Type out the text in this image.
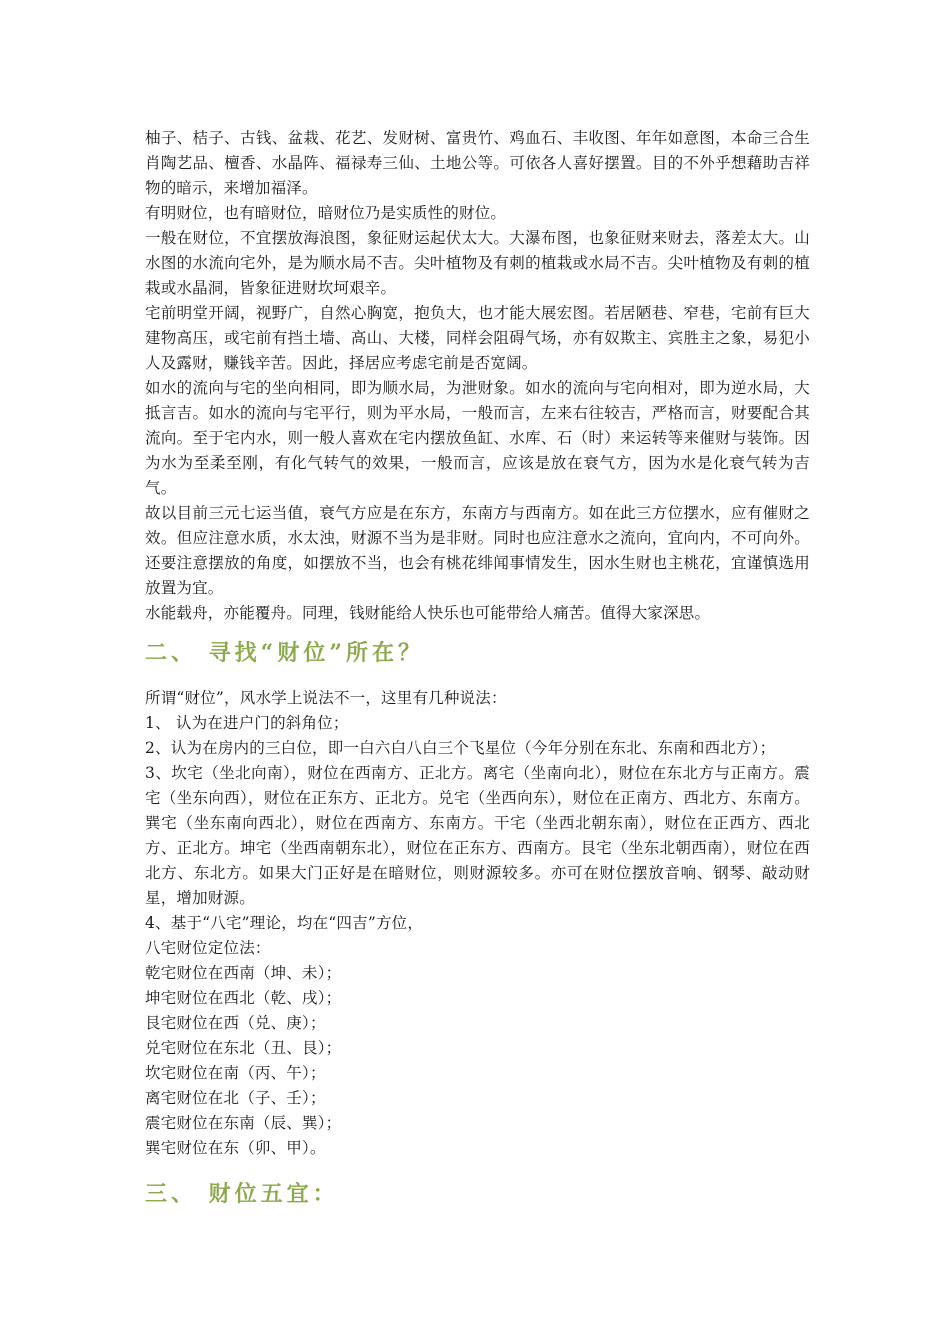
柚子、桔子、古钱、盆栽、花艺、发财树、富贵竹、鸡血石、丰收图、年年如意图，本命三合生肖陶艺品、檀香、水晶阵、福禄寿三仙、土地公等。可依各人喜好摆置。目的不外乎想藉助吉祥物的暗示，来增加福泽。

有明财位，也有暗财位，暗财位乃是实质性的财位。

一般在财位，不宜摆放海浪图，象征财运起伏太大。大瀑布图，也象征财来财去，落差太大。山水图的水流向宅外，是为顺水局不吉。尖叶植物及有刺的植栽或水局不吉。尖叶植物及有刺的植栽或水晶洞，皆象征进财坎坷艰辛。

宅前明堂开阔，视野广，自然心胸宽，抱负大，也才能大展宏图。若居陋巷、窄巷，宅前有巨大建物高压，或宅前有挡土墙、高山、大楼，同样会阻碍气场，亦有奴欺主、宾胜主之象，易犯小人及露财，赚钱辛苦。因此，择居应考虑宅前是否宽阔。

如水的流向与宅的坐向相同，即为顺水局，为泄财象。如水的流向与宅向相对，即为逆水局，大抵言吉。如水的流向与宅平行，则为平水局，一般而言，左来右往较吉，严格而言，财要配合其流向。至于宅内水，则一般人喜欢在宅内摆放鱼缸、水库、石（时）来运转等来催财与装饰。因为水为至柔至刚，有化气转气的效果，一般而言，应该是放在衰气方，因为水是化衰气转为吉气。

故以目前三元七运当值，衰气方应是在东方，东南方与西南方。如在此三方位摆水，应有催财之效。但应注意水质，水太浊，财源不当为是非财。同时也应注意水之流向，宜向内，不可向外。还要注意摆放的角度，如摆放不当，也会有桃花绯闻事情发生，因水生财也主桃花，宜谨慎选用放置为宜。

水能载舟，亦能覆舟。同理，钱财能给人快乐也可能带给人痛苦。值得大家深思。

二、 寻找“财位”所在？

所谓“财位”，风水学上说法不一，这里有几种说法：

1、 认为在进户门的斜角位；

2、认为在房内的三白位，即一白六白八白三个飞星位（今年分别在东北、东南和西北方）；

3、坎宅（坐北向南），财位在西南方、正北方。离宅（坐南向北），财位在东北方与正南方。震宅（坐东向西），财位在正东方、正北方。兑宅（坐西向东），财位在正南方、西北方、东南方。巽宅（坐东南向西北），财位在西南方、东南方。干宅（坐西北朝东南），财位在正西方、西北方、正北方。坤宅（坐西南朝东北），财位在正东方、西南方。艮宅（坐东北朝西南），财位在西北方、东北方。如果大门正好是在暗财位，则财源较多。亦可在财位摆放音响、钢琴、敲动财星，增加财源。

4、基于“八宅”理论，均在“四吉”方位，

八宅财位定位法：

乾宅财位在西南（坤、未）；

坤宅财位在西北（乾、戌）；

艮宅财位在西（兑、庚）；

兑宅财位在东北（丑、艮）；

坎宅财位在南（丙、午）；

离宅财位在北（子、壬）；

震宅财位在东南（辰、巽）；

巽宅财位在东（卯、甲）。

三、 财位五宜：
